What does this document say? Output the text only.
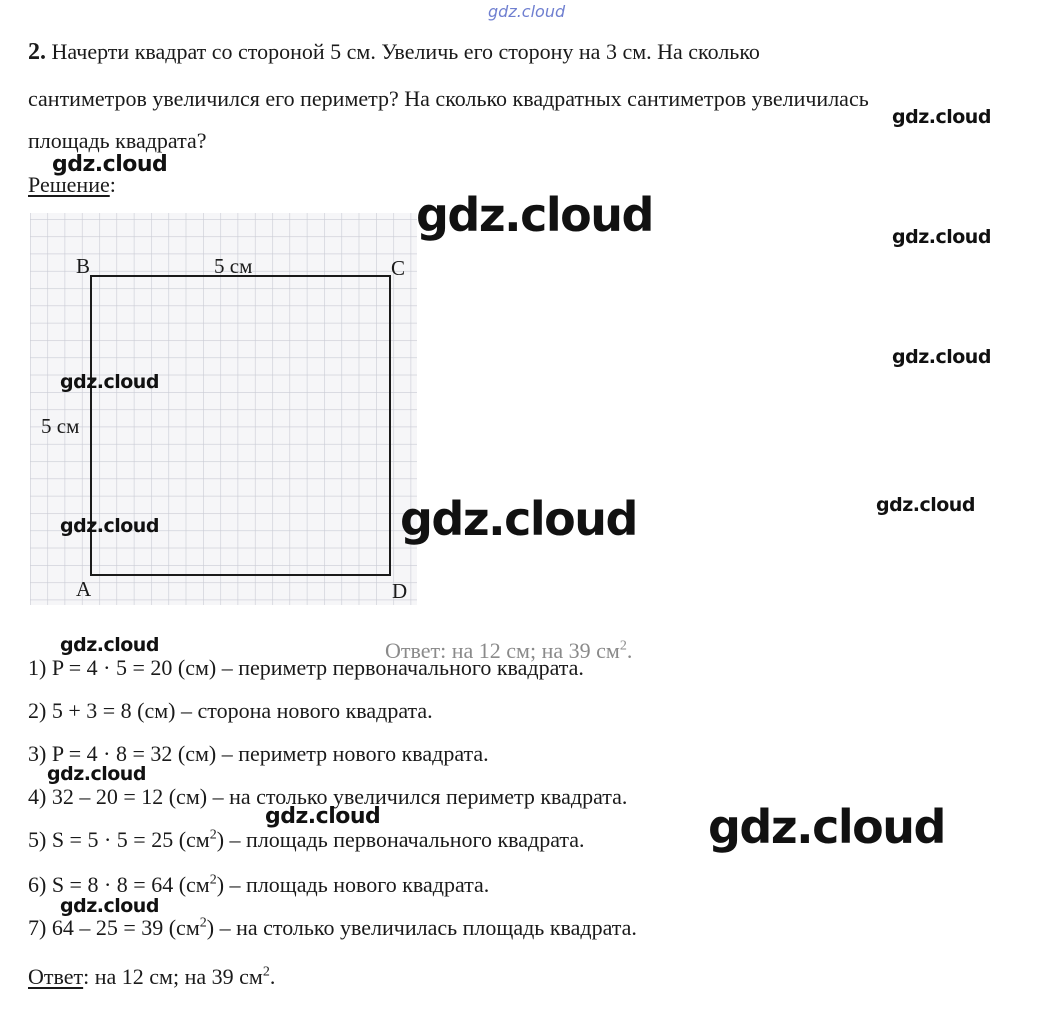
gdz.cloud
2. Начерти квадрат со стороной 5 см. Увеличь его сторону на 3 см. На сколько
сантиметров увеличился его периметр? На сколько квадратных сантиметров увеличилась
площадь квадрата?
Решение:
B	5 см	C
5 см
A	D
Ответ: на 12 см; на 39 $см^2$.
1) P = 4 · 5 = 20 (см) – периметр первоначального квадрата.
2) 5 + 3 = 8 (см) – сторона нового квадрата.
3) P = 4 · 8 = 32 (см) – периметр нового квадрата.
4) 32 – 20 = 12 (см) – на столько увеличился периметр квадрата.
5) S = 5 · 5 = 25 $(см^2)$ – площадь первоначального квадрата.
6) S = 8 · 8 = 64 $(см^2)$ – площадь нового квадрата.
7) 64 – 25 = 39 $(см^2)$ – на столько увеличилась площадь квадрата.
Ответ: на 12 см; на 39 $см^2$.
gdz.cloud
gdz.cloud
gdz.cloud	gdz.cloud
gdz.cloud
gdz.cloud
gdz.cloud
gdz.cloud
gdz.cloud
gdz.cloud
gdz.cloud
gdz.cloud	gdz.cloud
gdz.cloud
